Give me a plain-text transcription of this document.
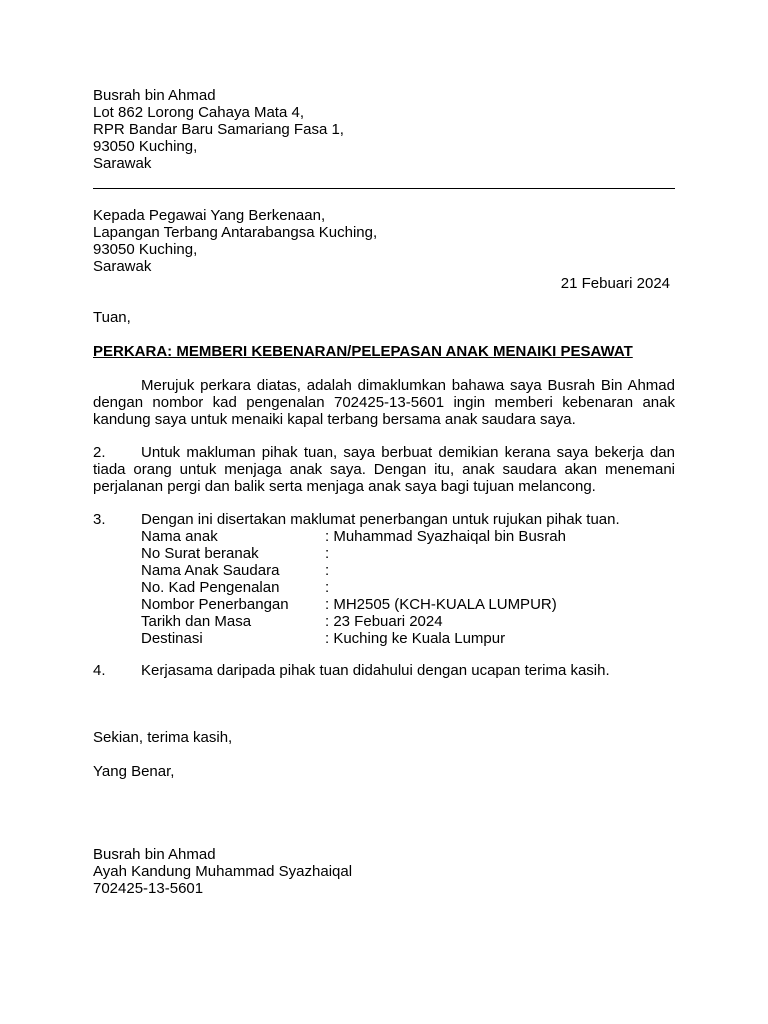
Busrah bin Ahmad
Lot 862 Lorong Cahaya Mata 4,
RPR Bandar Baru Samariang Fasa 1,
93050 Kuching,
Sarawak
Kepada Pegawai Yang Berkenaan,
Lapangan Terbang Antarabangsa Kuching,
93050 Kuching,
Sarawak
21 Febuari 2024
Tuan,
PERKARA: MEMBERI KEBENARAN/PELEPASAN ANAK MENAIKI PESAWAT
Merujuk perkara diatas, adalah dimaklumkan bahawa saya Busrah Bin Ahmad dengan nombor kad pengenalan 702425-13-5601 ingin memberi kebenaran anak kandung saya untuk menaiki kapal terbang bersama anak saudara saya.
2. Untuk makluman pihak tuan, saya berbuat demikian kerana saya bekerja dan tiada orang untuk menjaga anak saya. Dengan itu, anak saudara akan menemani perjalanan pergi dan balik serta menjaga anak saya bagi tujuan melancong.
3. Dengan ini disertakan maklumat penerbangan untuk rujukan pihak tuan.
Nama anak	: Muhammad Syazhaiqal bin Busrah
No Surat beranak	:
Nama Anak Saudara	:
No. Kad Pengenalan	:
Nombor Penerbangan : MH2505 (KCH-KUALA LUMPUR)
Tarikh dan Masa	: 23 Febuari 2024
Destinasi	: Kuching ke Kuala Lumpur
4. Kerjasama daripada pihak tuan didahului dengan ucapan terima kasih.
Sekian, terima kasih,
Yang Benar,
Busrah bin Ahmad
Ayah Kandung Muhammad Syazhaiqal
702425-13-5601
